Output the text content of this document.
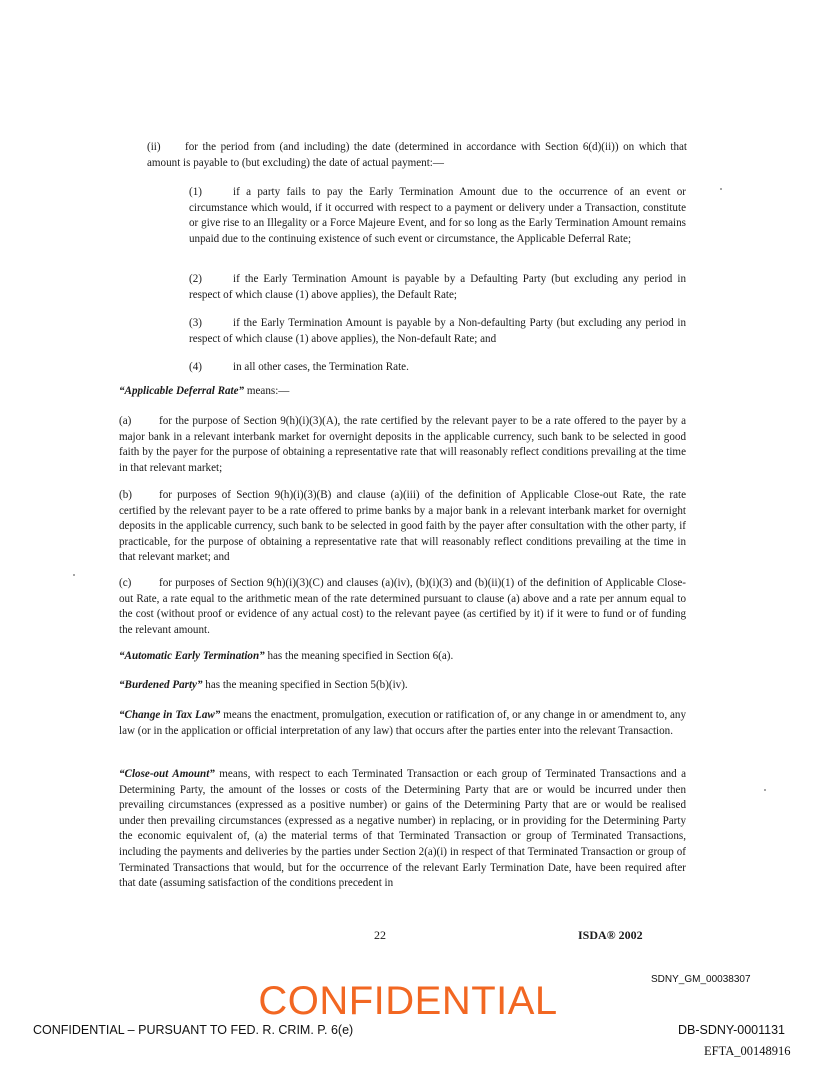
(ii) for the period from (and including) the date (determined in accordance with Section 6(d)(ii)) on which that amount is payable to (but excluding) the date of actual payment:—

(1)	if a party fails to pay the Early Termination Amount due to the occurrence of an event or circumstance which would, if it occurred with respect to a payment or delivery under a Transaction, constitute or give rise to an Illegality or a Force Majeure Event, and for so long as the Early Termination Amount remains unpaid due to the continuing existence of such event or circumstance, the Applicable Deferral Rate;

(2)	if the Early Termination Amount is payable by a Defaulting Party (but excluding any period in respect of which clause (1) above applies), the Default Rate;

(3)	if the Early Termination Amount is payable by a Non-defaulting Party (but excluding any period in respect of which clause (1) above applies), the Non-default Rate; and

(4)	in all other cases, the Termination Rate.

“Applicable Deferral Rate” means:—

(a) for the purpose of Section 9(h)(i)(3)(A), the rate certified by the relevant payer to be a rate offered to the payer by a major bank in a relevant interbank market for overnight deposits in the applicable currency, such bank to be selected in good faith by the payer for the purpose of obtaining a representative rate that will reasonably reflect conditions prevailing at the time in that relevant market;

(b) for purposes of Section 9(h)(i)(3)(B) and clause (a)(iii) of the definition of Applicable Close-out Rate, the rate certified by the relevant payer to be a rate offered to prime banks by a major bank in a relevant interbank market for overnight deposits in the applicable currency, such bank to be selected in good faith by the payer after consultation with the other party, if practicable, for the purpose of obtaining a representative rate that will reasonably reflect conditions prevailing at the time in that relevant market; and

(c) for purposes of Section 9(h)(i)(3)(C) and clauses (a)(iv), (b)(i)(3) and (b)(ii)(1) of the definition of Applicable Close-out Rate, a rate equal to the arithmetic mean of the rate determined pursuant to clause (a) above and a rate per annum equal to the cost (without proof or evidence of any actual cost) to the relevant payee (as certified by it) if it were to fund or of funding the relevant amount.

“Automatic Early Termination” has the meaning specified in Section 6(a).

“Burdened Party” has the meaning specified in Section 5(b)(iv).

“Change in Tax Law” means the enactment, promulgation, execution or ratification of, or any change in or amendment to, any law (or in the application or official interpretation of any law) that occurs after the parties enter into the relevant Transaction.

“Close-out Amount” means, with respect to each Terminated Transaction or each group of Terminated Transactions and a Determining Party, the amount of the losses or costs of the Determining Party that are or would be incurred under then prevailing circumstances (expressed as a positive number) or gains of the Determining Party that are or would be realised under then prevailing circumstances (expressed as a negative number) in replacing, or in providing for the Determining Party the economic equivalent of, (a) the material terms of that Terminated Transaction or group of Terminated Transactions, including the payments and deliveries by the parties under Section 2(a)(i) in respect of that Terminated Transaction or group of Terminated Transactions that would, but for the occurrence of the relevant Early Termination Date, have been required after that date (assuming satisfaction of the conditions precedent in

22	ISDA® 2002
SDNY_GM_00038307
CONFIDENTIAL
CONFIDENTIAL – PURSUANT TO FED. R. CRIM. P. 6(e)	DB-SDNY-0001131
EFTA_00148916
